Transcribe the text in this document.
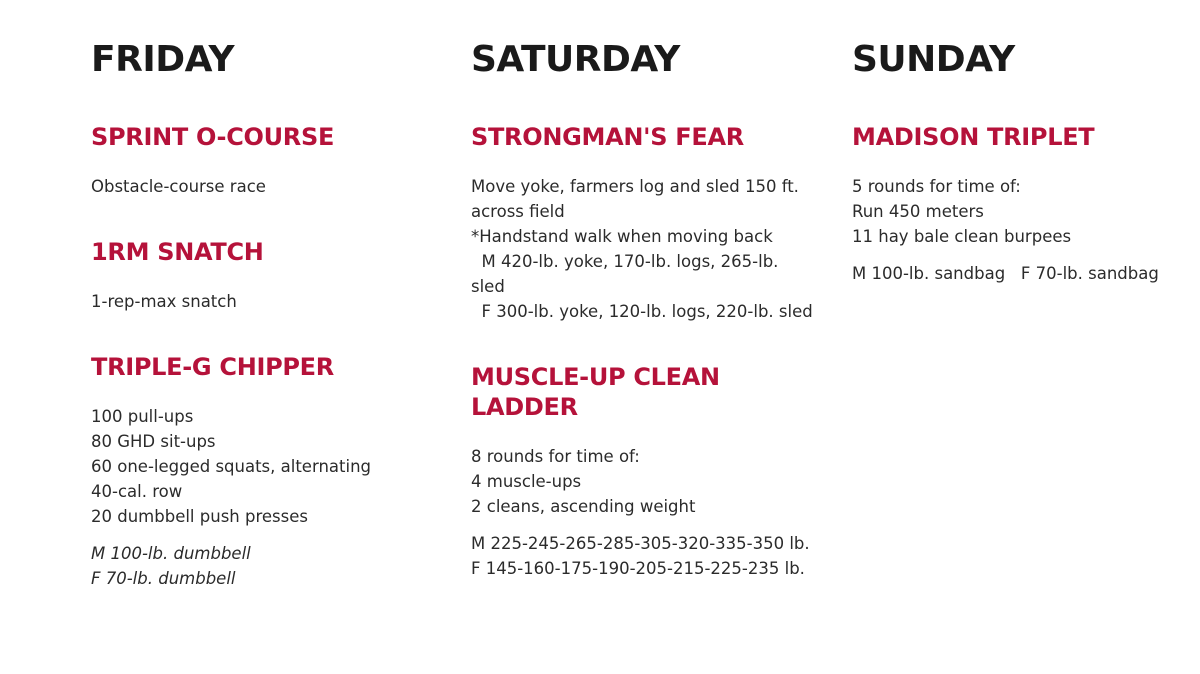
FRIDAY
SPRINT O-COURSE
Obstacle-course race
1RM SNATCH
1-rep-max snatch
TRIPLE-G CHIPPER
100 pull-ups
80 GHD sit-ups
60 one-legged squats, alternating
40-cal. row
20 dumbbell push presses
M 100-lb. dumbbell
F 70-lb. dumbbell
SATURDAY
STRONGMAN'S FEAR
Move yoke, farmers log and sled 150 ft.
across field
*Handstand walk when moving back
M 420-lb. yoke, 170-lb. logs, 265-lb.
sled
F 300-lb. yoke, 120-lb. logs, 220-lb. sled
MUSCLE-UP CLEAN
LADDER
8 rounds for time of:
4 muscle-ups
2 cleans, ascending weight
M 225-245-265-285-305-320-335-350 lb.
F 145-160-175-190-205-215-225-235 lb.
SUNDAY
MADISON TRIPLET
5 rounds for time of:
Run 450 meters
11 hay bale clean burpees
M 100-lb. sandbag   F 70-lb. sandbag
